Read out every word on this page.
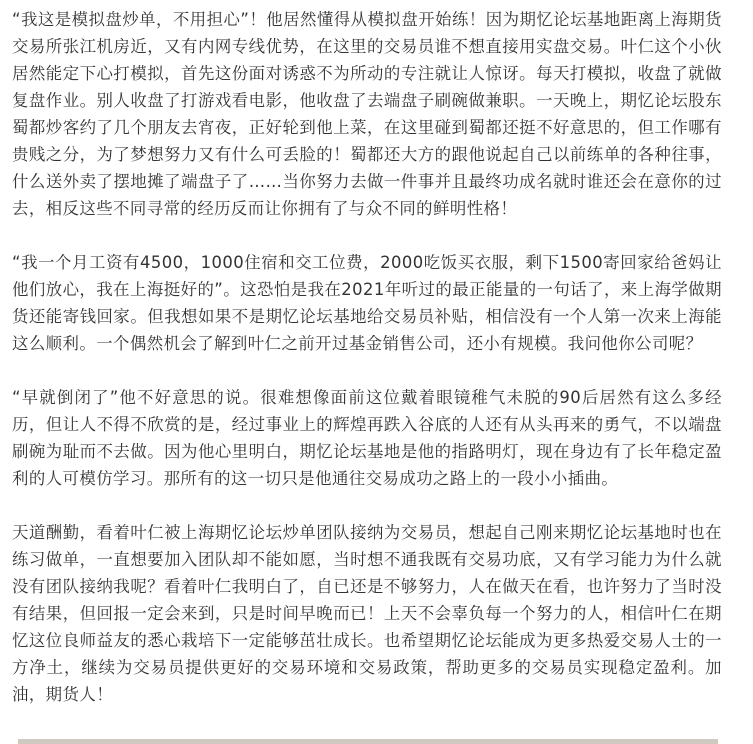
“我这是模拟盘炒单，不用担心”！他居然懂得从模拟盘开始练！因为期忆论坛基地距离上海期货交易所张江机房近，又有内网专线优势，在这里的交易员谁不想直接用实盘交易。叶仁这个小伙居然能定下心打模拟，首先这份面对诱惑不为所动的专注就让人惊讶。每天打模拟，收盘了就做复盘作业。别人收盘了打游戏看电影，他收盘了去端盘子刷碗做兼职。一天晚上，期忆论坛股东蜀都炒客约了几个朋友去宵夜，正好轮到他上菜，在这里碰到蜀都还挺不好意思的，但工作哪有贵贱之分，为了梦想努力又有什么可丢脸的！蜀都还大方的跟他说起自己以前练单的各种往事，什么送外卖了摆地摊了端盘子了……当你努力去做一件事并且最终功成名就时谁还会在意你的过去，相反这些不同寻常的经历反而让你拥有了与众不同的鲜明性格！

“我一个月工资有4500，1000住宿和交工位费，2000吃饭买衣服，剩下1500寄回家给爸妈让他们放心，我在上海挺好的”。这恐怕是我在2021年听过的最正能量的一句话了，来上海学做期货还能寄钱回家。但我想如果不是期忆论坛基地给交易员补贴，相信没有一个人第一次来上海能这么顺利。一个偶然机会了解到叶仁之前开过基金销售公司，还小有规模。我问他你公司呢？

“早就倒闭了”他不好意思的说。很难想像面前这位戴着眼镜稚气未脱的90后居然有这么多经历，但让人不得不欣赏的是，经过事业上的辉煌再跌入谷底的人还有从头再来的勇气，不以端盘刷碗为耻而不去做。因为他心里明白，期忆论坛基地是他的指路明灯，现在身边有了长年稳定盈利的人可模仿学习。那所有的这一切只是他通往交易成功之路上的一段小小插曲。

天道酬勤，看着叶仁被上海期忆论坛炒单团队接纳为交易员，想起自己刚来期忆论坛基地时也在练习做单，一直想要加入团队却不能如愿，当时想不通我既有交易功底，又有学习能力为什么就没有团队接纳我呢？看着叶仁我明白了，自已还是不够努力，人在做天在看，也许努力了当时没有结果，但回报一定会来到，只是时间早晚而已！上天不会辜负每一个努力的人，相信叶仁在期忆这位良师益友的悉心栽培下一定能够茁壮成长。也希望期忆论坛能成为更多热爱交易人士的一方净土，继续为交易员提供更好的交易环境和交易政策，帮助更多的交易员实现稳定盈利。加油，期货人！
